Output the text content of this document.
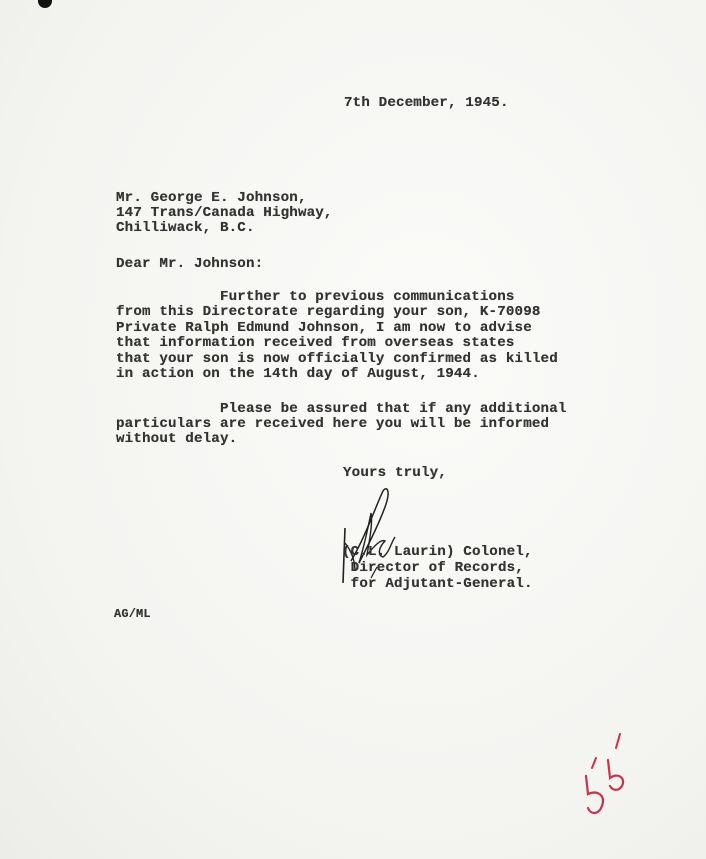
7th December, 1945.
Mr. George E. Johnson,
147 Trans/Canada Highway,
Chilliwack, B.C.
Dear Mr. Johnson:
Further to previous communications
from this Directorate regarding your son, K-70098
Private Ralph Edmund Johnson, I am now to advise
that information received from overseas states
that your son is now officially confirmed as killed
in action on the 14th day of August, 1944.
Please be assured that if any additional
particulars are received here you will be informed
without delay.
Yours truly,
(C.L. Laurin) Colonel,
Director of Records,
for Adjutant-General.
AG/ML
